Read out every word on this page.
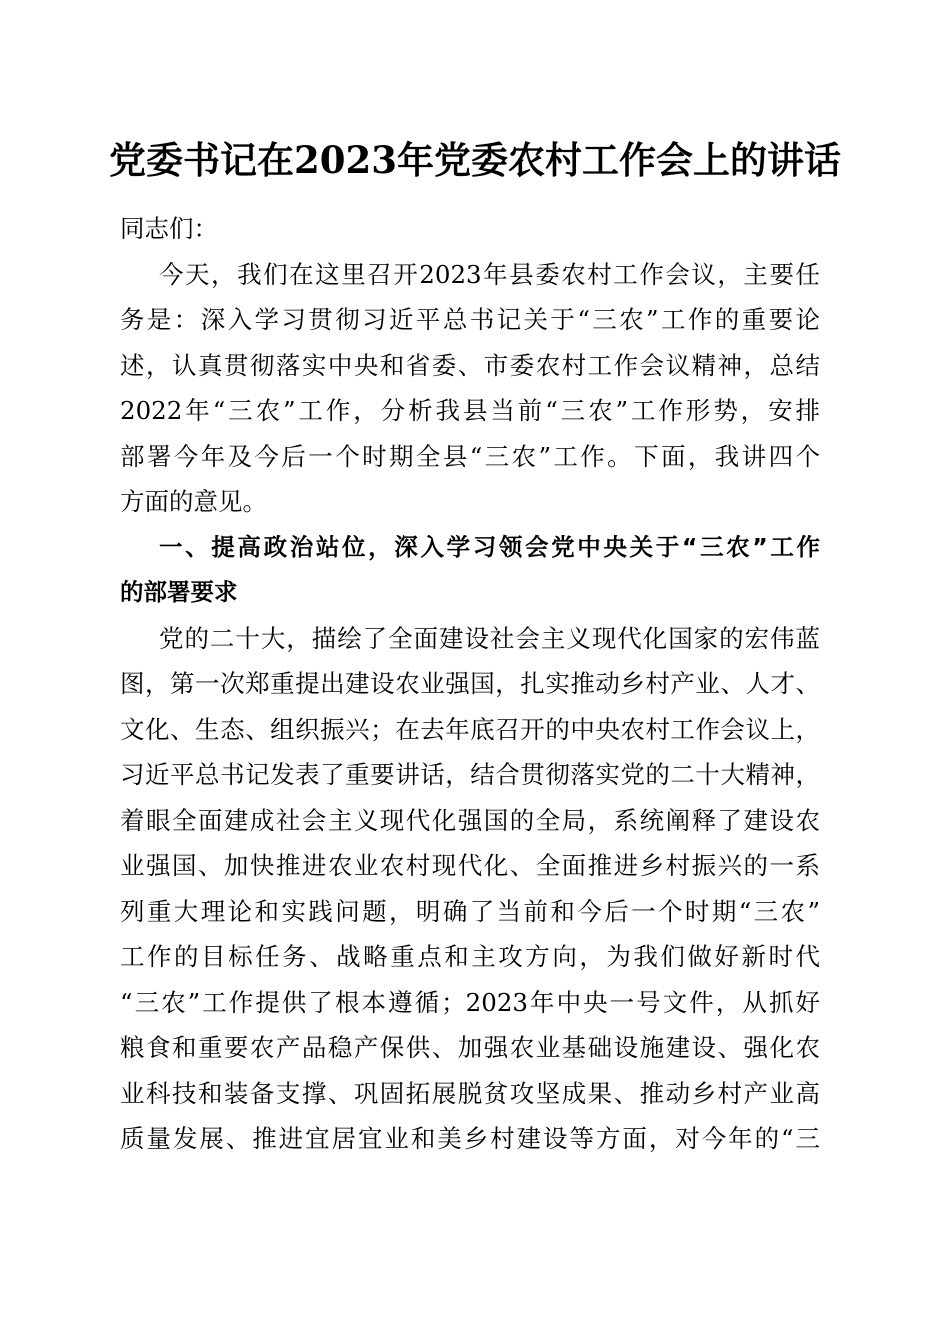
党委书记在2023年党委农村工作会上的讲话
同志们：
今天，我们在这里召开2023年县委农村工作会议，主要任
务是：深入学习贯彻习近平总书记关于“三农”工作的重要论
述，认真贯彻落实中央和省委、市委农村工作会议精神，总结
2022年“三农”工作，分析我县当前“三农”工作形势，安排
部署今年及今后一个时期全县“三农”工作。下面，我讲四个
方面的意见。
一、提高政治站位，深入学习领会党中央关于“三农”工作
的部署要求
党的二十大，描绘了全面建设社会主义现代化国家的宏伟蓝
图，第一次郑重提出建设农业强国，扎实推动乡村产业、人才、
文化、生态、组织振兴；在去年底召开的中央农村工作会议上，
习近平总书记发表了重要讲话，结合贯彻落实党的二十大精神，
着眼全面建成社会主义现代化强国的全局，系统阐释了建设农
业强国、加快推进农业农村现代化、全面推进乡村振兴的一系
列重大理论和实践问题，明确了当前和今后一个时期“三农”
工作的目标任务、战略重点和主攻方向，为我们做好新时代
“三农”工作提供了根本遵循；2023年中央一号文件，从抓好
粮食和重要农产品稳产保供、加强农业基础设施建设、强化农
业科技和装备支撑、巩固拓展脱贫攻坚成果、推动乡村产业高
质量发展、推进宜居宜业和美乡村建设等方面，对今年的“三
